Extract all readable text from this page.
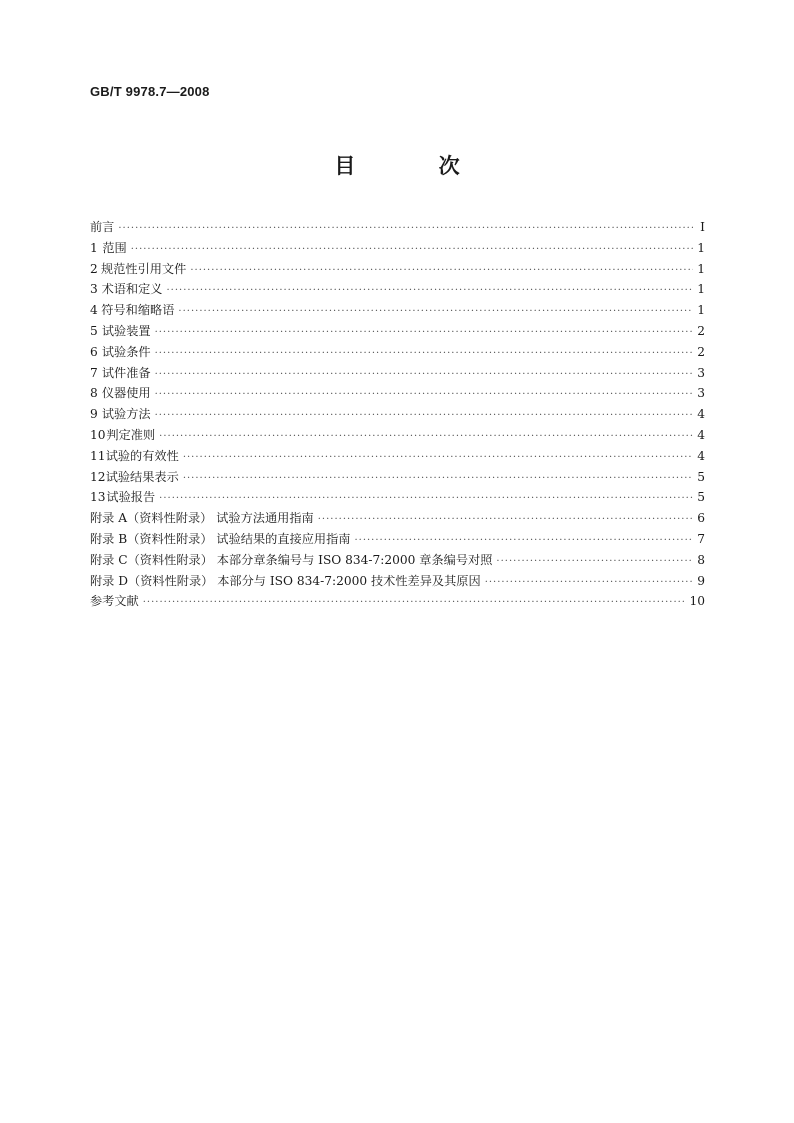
GB/T 9978.7—2008
目 次
前言 ·····	Ⅰ
1 范围 ·····	1
2 规范性引用文件 ·····	1
3 术语和定义 ·····	1
4 符号和缩略语 ·····	1
5 试验装置 ·····	2
6 试验条件 ·····	2
7 试件准备 ·····	3
8 仪器使用 ·····	3
9 试验方法 ·····	4
10 判定准则 ·····	4
11 试验的有效性 ·····	4
12 试验结果表示 ·····	5
13 试验报告 ·····	5
附录 A（资料性附录） 试验方法通用指南 ·····	6
附录 B（资料性附录） 试验结果的直接应用指南 ·····	7
附录 C（资料性附录） 本部分章条编号与 ISO 834-7:2000 章条编号对照 ·····	8
附录 D（资料性附录） 本部分与 ISO 834-7:2000 技术性差异及其原因 ·····	9
参考文献 ·····	10
